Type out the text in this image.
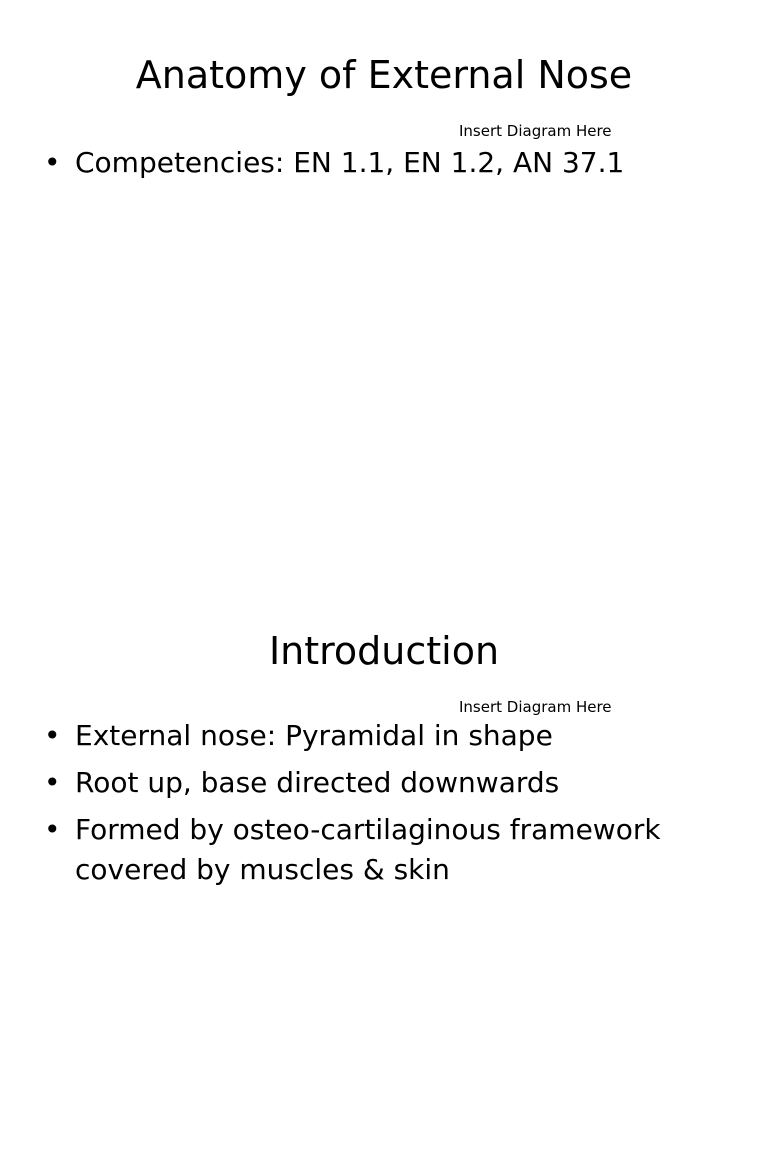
Anatomy of External Nose
Insert Diagram Here
• Competencies: EN 1.1, EN 1.2, AN 37.1
Introduction
Insert Diagram Here
• External nose: Pyramidal in shape
• Root up, base directed downwards
• Formed by osteo-cartilaginous framework covered by muscles & skin
